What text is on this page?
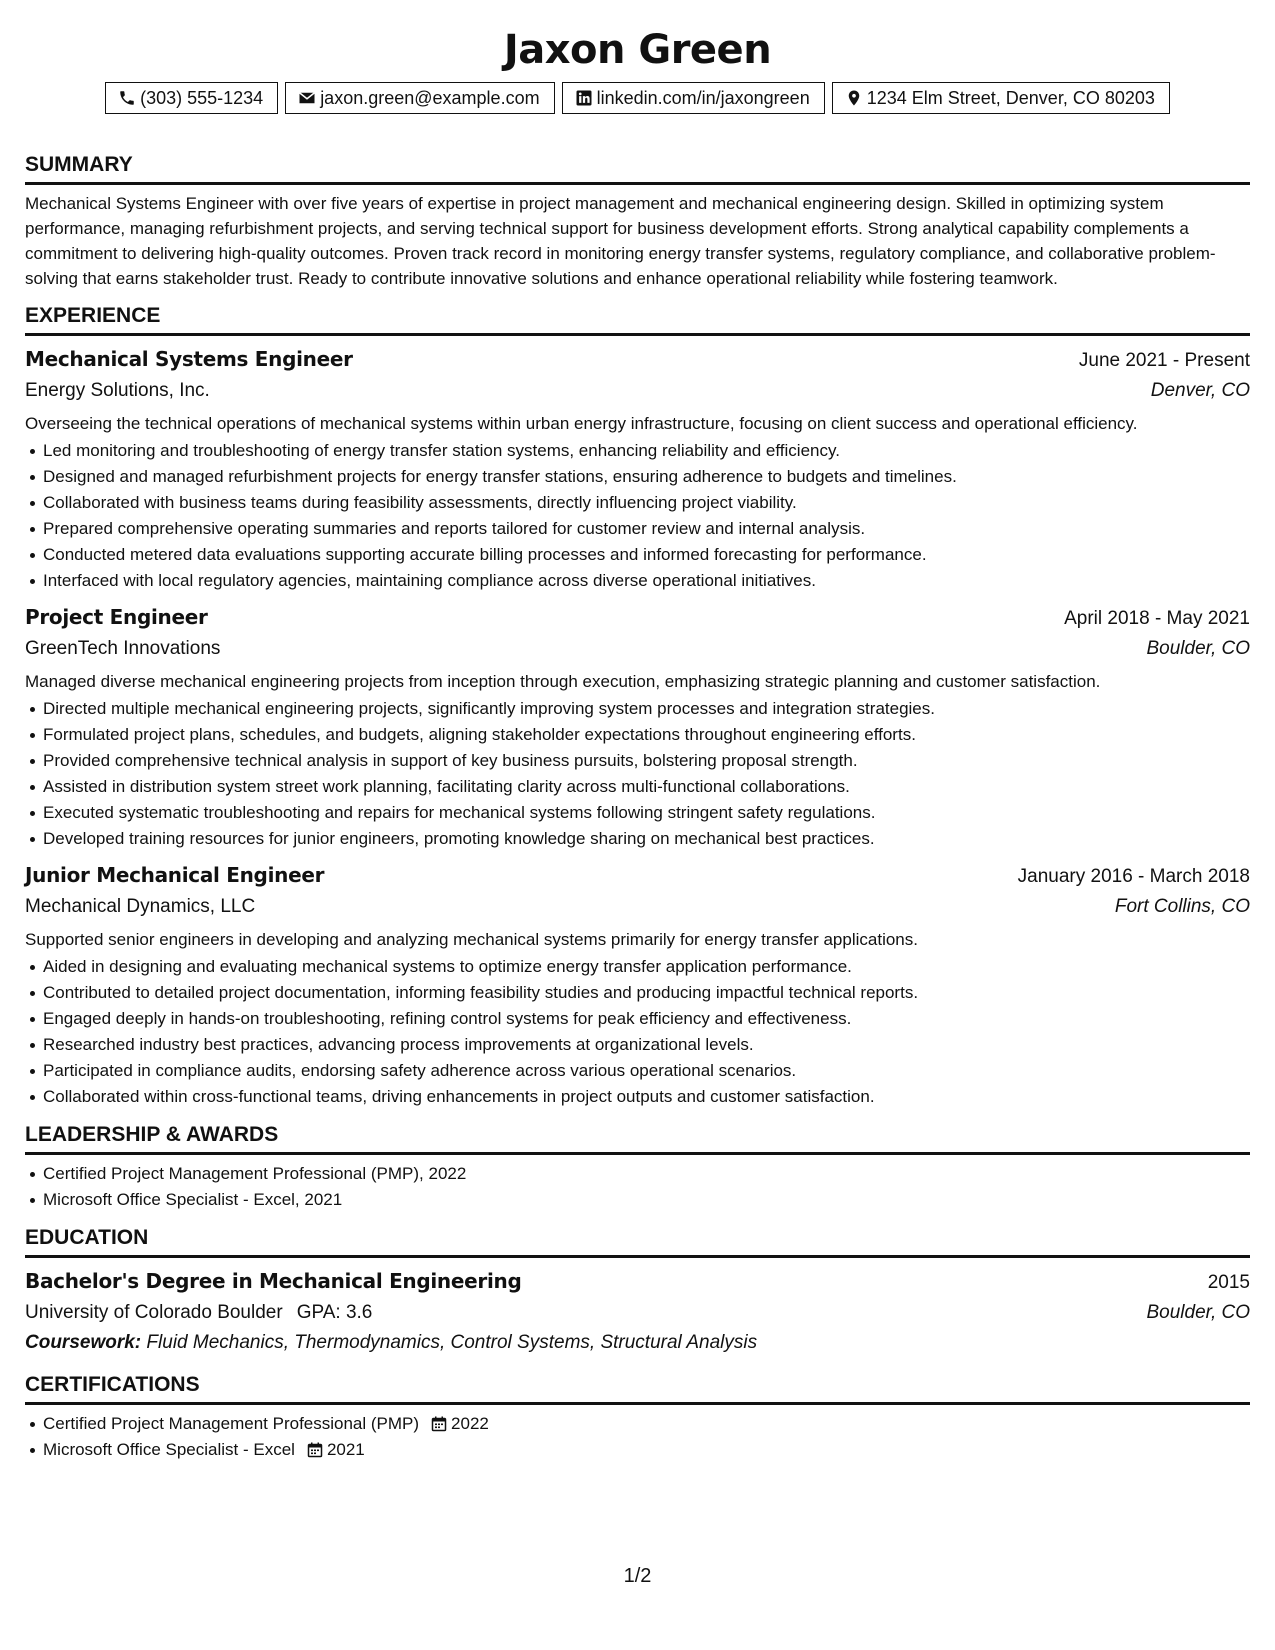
Jaxon Green
(303) 555-1234	jaxon.green@example.com	linkedin.com/in/jaxongreen	1234 Elm Street, Denver, CO 80203
SUMMARY
Mechanical Systems Engineer with over five years of expertise in project management and mechanical engineering design. Skilled in optimizing system performance, managing refurbishment projects, and serving technical support for business development efforts. Strong analytical capability complements a commitment to delivering high-quality outcomes. Proven track record in monitoring energy transfer systems, regulatory compliance, and collaborative problem-solving that earns stakeholder trust. Ready to contribute innovative solutions and enhance operational reliability while fostering teamwork.
EXPERIENCE
Mechanical Systems Engineer	June 2021 - Present
Energy Solutions, Inc.	Denver, CO
Overseeing the technical operations of mechanical systems within urban energy infrastructure, focusing on client success and operational efficiency.
Led monitoring and troubleshooting of energy transfer station systems, enhancing reliability and efficiency.
Designed and managed refurbishment projects for energy transfer stations, ensuring adherence to budgets and timelines.
Collaborated with business teams during feasibility assessments, directly influencing project viability.
Prepared comprehensive operating summaries and reports tailored for customer review and internal analysis.
Conducted metered data evaluations supporting accurate billing processes and informed forecasting for performance.
Interfaced with local regulatory agencies, maintaining compliance across diverse operational initiatives.
Project Engineer	April 2018 - May 2021
GreenTech Innovations	Boulder, CO
Managed diverse mechanical engineering projects from inception through execution, emphasizing strategic planning and customer satisfaction.
Directed multiple mechanical engineering projects, significantly improving system processes and integration strategies.
Formulated project plans, schedules, and budgets, aligning stakeholder expectations throughout engineering efforts.
Provided comprehensive technical analysis in support of key business pursuits, bolstering proposal strength.
Assisted in distribution system street work planning, facilitating clarity across multi-functional collaborations.
Executed systematic troubleshooting and repairs for mechanical systems following stringent safety regulations.
Developed training resources for junior engineers, promoting knowledge sharing on mechanical best practices.
Junior Mechanical Engineer	January 2016 - March 2018
Mechanical Dynamics, LLC	Fort Collins, CO
Supported senior engineers in developing and analyzing mechanical systems primarily for energy transfer applications.
Aided in designing and evaluating mechanical systems to optimize energy transfer application performance.
Contributed to detailed project documentation, informing feasibility studies and producing impactful technical reports.
Engaged deeply in hands-on troubleshooting, refining control systems for peak efficiency and effectiveness.
Researched industry best practices, advancing process improvements at organizational levels.
Participated in compliance audits, endorsing safety adherence across various operational scenarios.
Collaborated within cross-functional teams, driving enhancements in project outputs and customer satisfaction.
LEADERSHIP & AWARDS
Certified Project Management Professional (PMP), 2022
Microsoft Office Specialist - Excel, 2021
EDUCATION
Bachelor's Degree in Mechanical Engineering	2015
University of Colorado Boulder GPA: 3.6	Boulder, CO
Coursework: Fluid Mechanics, Thermodynamics, Control Systems, Structural Analysis
CERTIFICATIONS
Certified Project Management Professional (PMP) 2022
Microsoft Office Specialist - Excel 2021
1/2
